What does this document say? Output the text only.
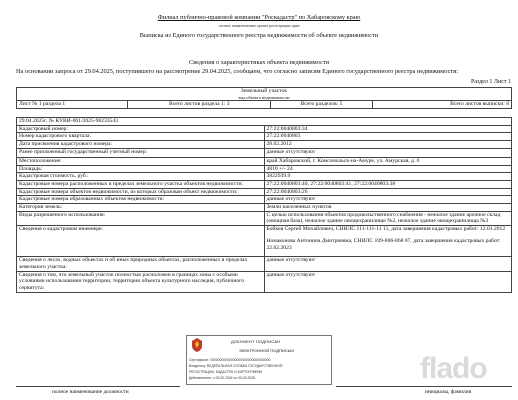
Филиал публично-правовой компании "Роскадастр" по Хабаровскому краю
полное наименование органа регистрации прав
Выписка из Единого государственного реестра недвижимости об объекте недвижимости
Сведения о характеристиках объекта недвижимости
На основании запроса от 29.04.2025, поступившего на рассмотрение 29.04.2025, сообщаем, что согласно записям Единого государственного реестра недвижимости:
Раздел 1 Лист 1
Земельный участок
вид объекта недвижимости

Лист № 1 раздела 1	Всего листов раздела 1: 3	Всего разделов: 5	Всего листов выписки: 8
29.04.2025г. № КУВИ-001/2025-98233543	
Кадастровый номер:	27:22:0040803:34
Номер кадастрового квартала:	27:22:0040803
Дата присвоения кадастрового номера:	28.02.2012
Ранее присвоенный государственный учетный номер:	данные отсутствуют
Местоположение:	край Хабаровский, г. Комсомольск-на-Амуре, ул. Амурская, д. 6
Площадь:	4810 +/- 24
Кадастровая стоимость, руб.:	3822939.9
Кадастровые номера расположенных в пределах земельного участка объектов недвижимости:	27:22:0040803:40, 27:22:0040803:41, 27:22:0040803:38
Кадастровые номера объектов недвижимости, из которых образован объект недвижимости:	27:22:0040803:26
Кадастровые номера образованных объектов недвижимости:	данные отсутствуют
Категория земель:	Земли населенных пунктов
Виды разрешенного использования:	С целью использования объектов продовольственного снабжения - нежилое здание арочное склад (овощная база), нежилое здание овощехранилище №2, нежилое здание овощехранилища №3
Сведения о кадастровом инженере:	Бобков Сергей Михайлович, СНИЛС 111-111-11 11, дата завершения кадастровых работ: 12.01.2012
Номаконова Антонина Дмитриевна, СНИЛС 109-806-868 87, дата завершения кадастровых работ: 22.02.2023

Сведения о лесах, водных объектах и об иных природных объектах, расположенных в пределах земельного участка:	данные отсутствуют
Сведения о том, что земельный участок полностью расположен в границах зоны с особыми условиями использования территории, территории объекта культурного наследия, публичного сервитута:	данные отсутствуют
ДОКУМЕНТ ПОДПИСАН
ЭЛЕКТРОННОЙ ПОДПИСЬЮ
Сертификат: 00000000000000000000000000000000
Владелец: ФЕДЕРАЛЬНАЯ СЛУЖБА ГОСУДАРСТВЕННОЙ
РЕГИСТРАЦИИ, КАДАСТРА И КАРТОГРАФИИ
Действителен: с 00.00.2024 по 00.00.2025
полное наименование должности	инициалы, фамилия
flado
